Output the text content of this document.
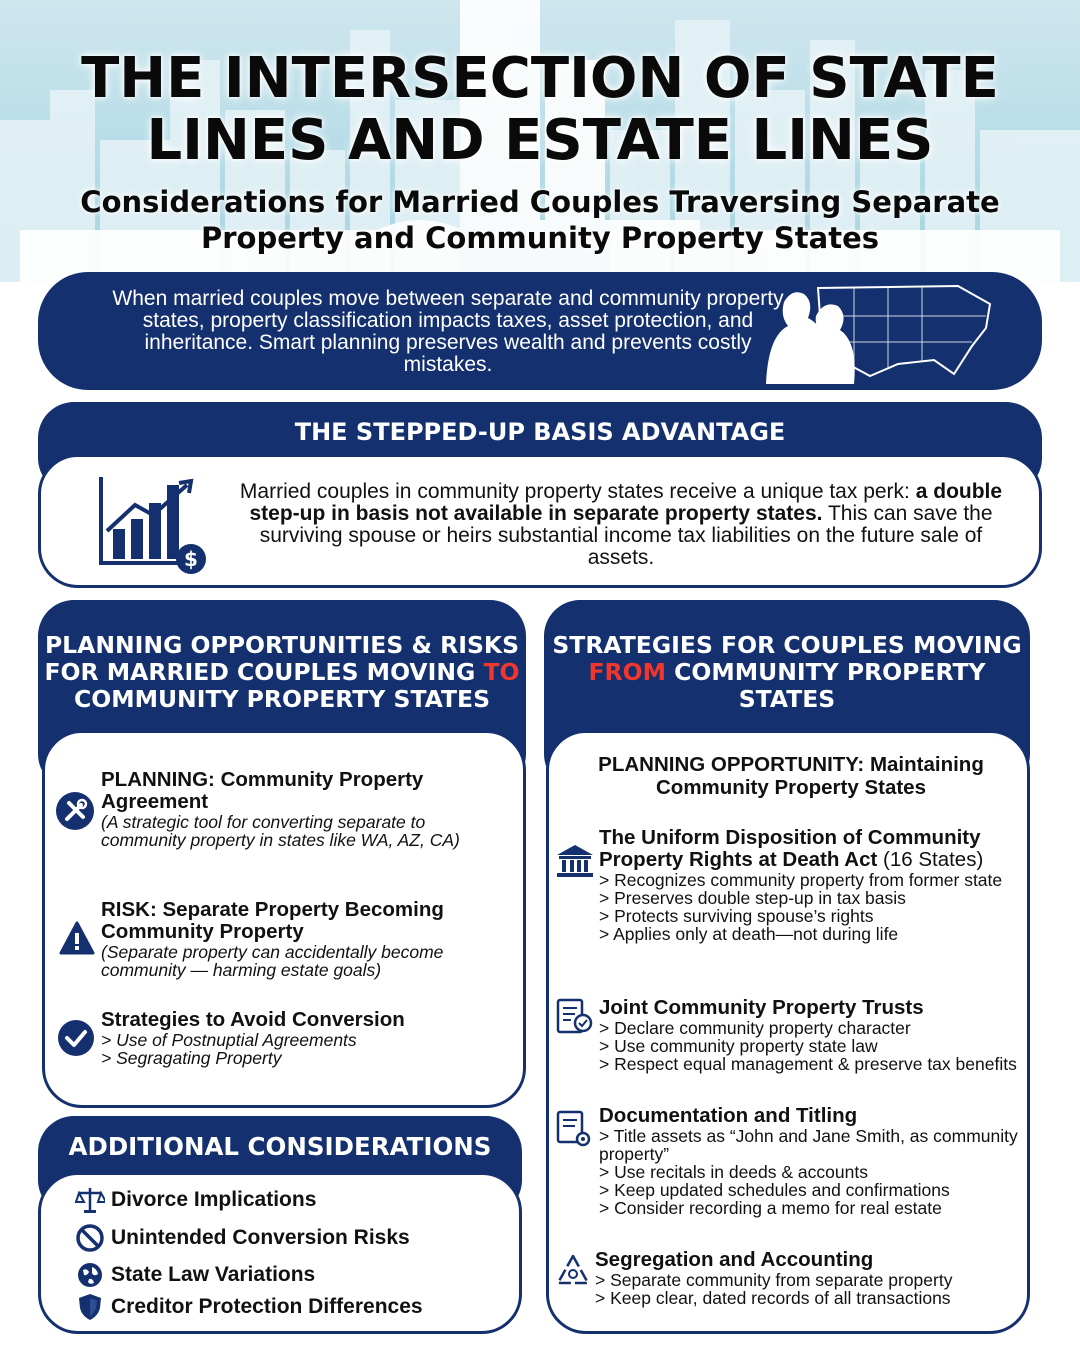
THE INTERSECTION OF STATE
LINES AND ESTATE LINES
Considerations for Married Couples Traversing Separate
Property and Community Property States
When married couples move between separate and community property states, property classification impacts taxes, asset protection, and inheritance. Smart planning preserves wealth and prevents costly mistakes.
THE STEPPED-UP BASIS ADVANTAGE
$
Married couples in community property states receive a unique tax perk: a double step-up in basis not available in separate property states. This can save the surviving spouse or heirs substantial income tax liabilities on the future sale of assets.
PLANNING OPPORTUNITIES & RISKS FOR MARRIED COUPLES MOVING TO COMMUNITY PROPERTY STATES
STRATEGIES FOR COUPLES MOVING FROM COMMUNITY PROPERTY STATES
PLANNING: Community Property Agreement
(A strategic tool for converting separate to community property in states like WA, AZ, CA)
RISK: Separate Property Becoming Community Property
(Separate property can accidentally become community — harming estate goals)
Strategies to Avoid Conversion
> Use of Postnuptial Agreements
> Segragating Property
PLANNING OPPORTUNITY: Maintaining Community Property States
The Uniform Disposition of Community Property Rights at Death Act (16 States)
> Recognizes community property from former state
> Preserves double step-up in tax basis
> Protects surviving spouse’s rights
> Applies only at death—not during life
Joint Community Property Trusts
> Declare community property character
> Use community property state law
> Respect equal management & preserve tax benefits
Documentation and Titling
> Title assets as “John and Jane Smith, as community property”
> Use recitals in deeds & accounts
> Keep updated schedules and confirmations
> Consider recording a memo for real estate
Segregation and Accounting
> Separate community from separate property
> Keep clear, dated records of all transactions
ADDITIONAL CONSIDERATIONS
Divorce Implications
Unintended Conversion Risks
State Law Variations
Creditor Protection Differences
